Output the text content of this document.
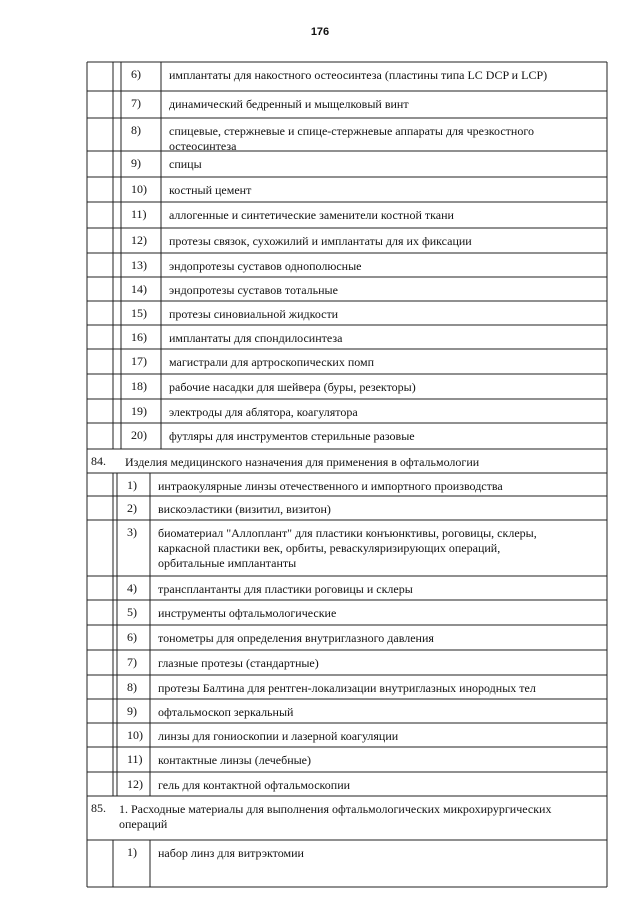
176
6) имплантаты для накостного остеосинтеза (пластины типа LC DCP и LCP)
7) динамический бедренный и мыщелковый винт
8) спицевые, стержневые и спице-стержневые аппараты для чрезкостного
остеосинтеза
9) спицы
10) костный цемент
11) аллогенные и синтетические заменители костной ткани
12) протезы связок, сухожилий и имплантаты для их фиксации
13) эндопротезы суставов однополюсные
14) эндопротезы суставов тотальные
15) протезы синовиальной жидкости
16) имплантаты для спондилосинтеза
17) магистрали для артроскопических помп
18) рабочие насадки для шейвера (буры, резекторы)
19) электроды для аблятора, коагулятора
20) футляры для инструментов стерильные разовые
84. Изделия медицинского назначения для применения в офтальмологии
1) интраокулярные линзы отечественного и импортного производства
2) вискоэластики (визитил, визитон)
3) биоматериал "Аллоплант" для пластики конъюнктивы, роговицы, склеры,
каркасной пластики век, орбиты, реваскуляризирующих операций,
орбитальные имплантанты
4) трансплантанты для пластики роговицы и склеры
5) инструменты офтальмологические
6) тонометры для определения внутриглазного давления
7) глазные протезы (стандартные)
8) протезы Балтина для рентген-локализации внутриглазных инородных тел
9) офтальмоскоп зеркальный
10) линзы для гониоскопии и лазерной коагуляции
11) контактные линзы (лечебные)
12) гель для контактной офтальмоскопии
85. 1. Расходные материалы для выполнения офтальмологических микрохирургических
операций
1) набор линз для витрэктомии
